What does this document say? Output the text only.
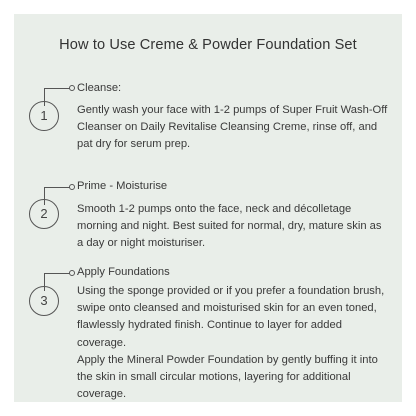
How to Use Creme & Powder Foundation Set
1
Cleanse:
Gently wash your face with 1-2 pumps of Super Fruit Wash-Off Cleanser on Daily Revitalise Cleansing Creme, rinse off, and pat dry for serum prep.
2
Prime - Moisturise
Smooth 1-2 pumps onto the face, neck and décolletage morning and night. Best suited for normal, dry, mature skin as a day or night moisturiser.
3
Apply Foundations
Using the sponge provided or if you prefer a foundation brush, swipe onto cleansed and moisturised skin for an even toned, flawlessly hydrated finish. Continue to layer for added coverage.
Apply the Mineral Powder Foundation by gently buffing it into the skin in small circular motions, layering for additional coverage.
